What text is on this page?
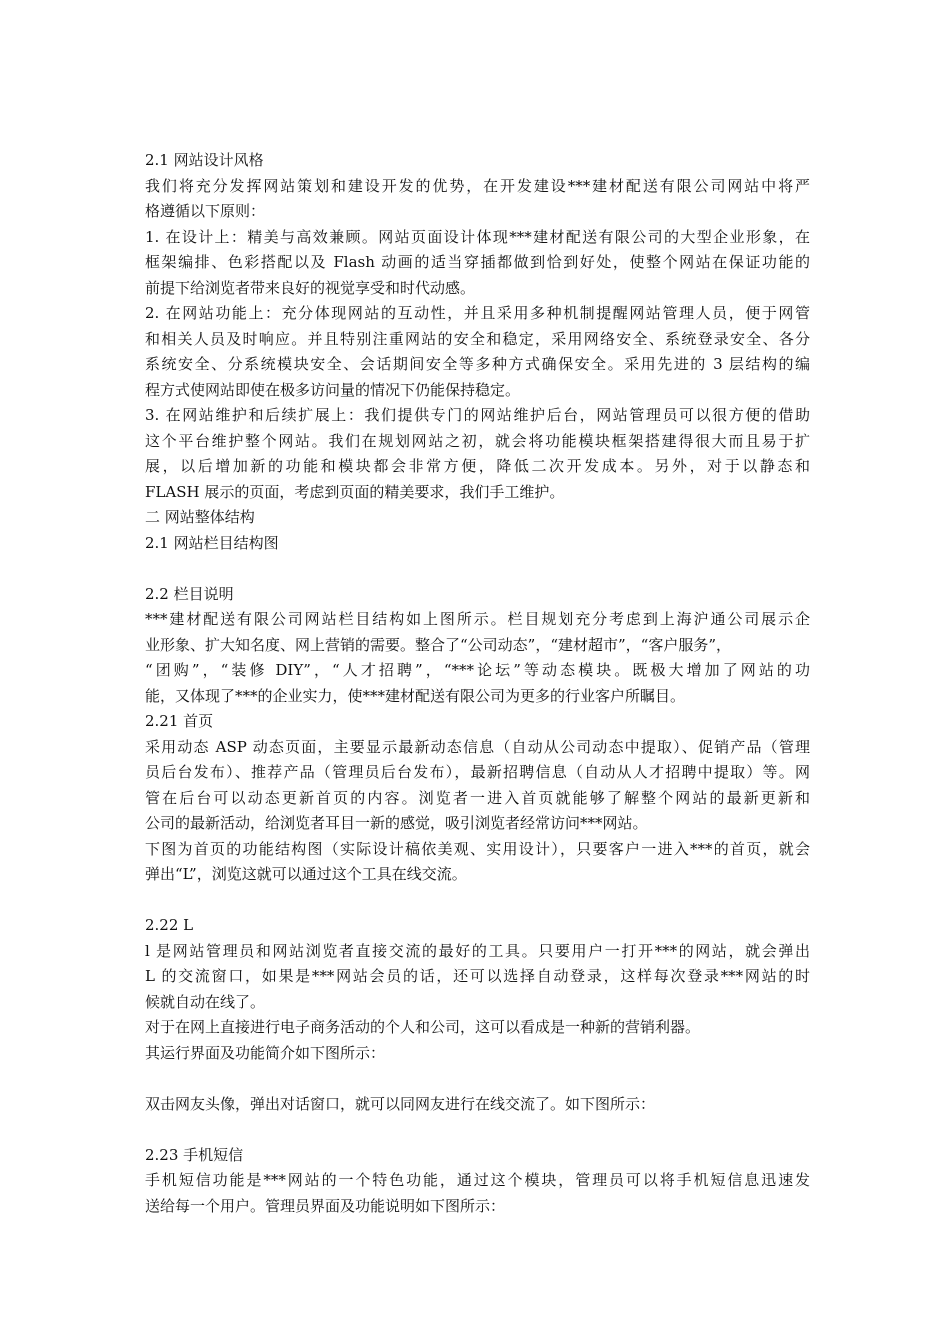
2.1 网站设计风格
我们将充分发挥网站策划和建设开发的优势，在开发建设***建材配送有限公司网站中将严
格遵循以下原则：
1. 在设计上：精美与高效兼顾。网站页面设计体现***建材配送有限公司的大型企业形象，在
框架编排、色彩搭配以及 Flash 动画的适当穿插都做到恰到好处，使整个网站在保证功能的
前提下给浏览者带来良好的视觉享受和时代动感。
2. 在网站功能上：充分体现网站的互动性，并且采用多种机制提醒网站管理人员，便于网管
和相关人员及时响应。并且特别注重网站的安全和稳定，采用网络安全、系统登录安全、各分
系统安全、分系统模块安全、会话期间安全等多种方式确保安全。采用先进的 3 层结构的编
程方式使网站即使在极多访问量的情况下仍能保持稳定。
3. 在网站维护和后续扩展上：我们提供专门的网站维护后台，网站管理员可以很方便的借助
这个平台维护整个网站。我们在规划网站之初，就会将功能模块框架搭建得很大而且易于扩
展，以后增加新的功能和模块都会非常方便，降低二次开发成本。另外，对于以静态和
FLASH 展示的页面，考虑到页面的精美要求，我们手工维护。
二 网站整体结构
2.1 网站栏目结构图
2.2 栏目说明
***建材配送有限公司网站栏目结构如上图所示。栏目规划充分考虑到上海沪通公司展示企
业形象、扩大知名度、网上营销的需要。整合了“公司动态”，“建材超市”，“客户服务”，
“团购”，“装修 DIY”，“人才招聘”，“***论坛”等动态模块。既极大增加了网站的功
能，又体现了***的企业实力，使***建材配送有限公司为更多的行业客户所瞩目。
2.21 首页
采用动态 ASP 动态页面，主要显示最新动态信息（自动从公司动态中提取）、促销产品（管理
员后台发布）、推荐产品（管理员后台发布），最新招聘信息（自动从人才招聘中提取）等。网
管在后台可以动态更新首页的内容。浏览者一进入首页就能够了解整个网站的最新更新和
公司的最新活动，给浏览者耳目一新的感觉，吸引浏览者经常访问***网站。
下图为首页的功能结构图（实际设计稿依美观、实用设计），只要客户一进入***的首页，就会
弹出“L”，浏览这就可以通过这个工具在线交流。
2.22 L
l 是网站管理员和网站浏览者直接交流的最好的工具。只要用户一打开***的网站，就会弹出
L 的交流窗口，如果是***网站会员的话，还可以选择自动登录，这样每次登录***网站的时
候就自动在线了。
对于在网上直接进行电子商务活动的个人和公司，这可以看成是一种新的营销利器。
其运行界面及功能简介如下图所示：
双击网友头像，弹出对话窗口，就可以同网友进行在线交流了。如下图所示：
2.23 手机短信
手机短信功能是***网站的一个特色功能，通过这个模块，管理员可以将手机短信息迅速发
送给每一个用户。管理员界面及功能说明如下图所示：
